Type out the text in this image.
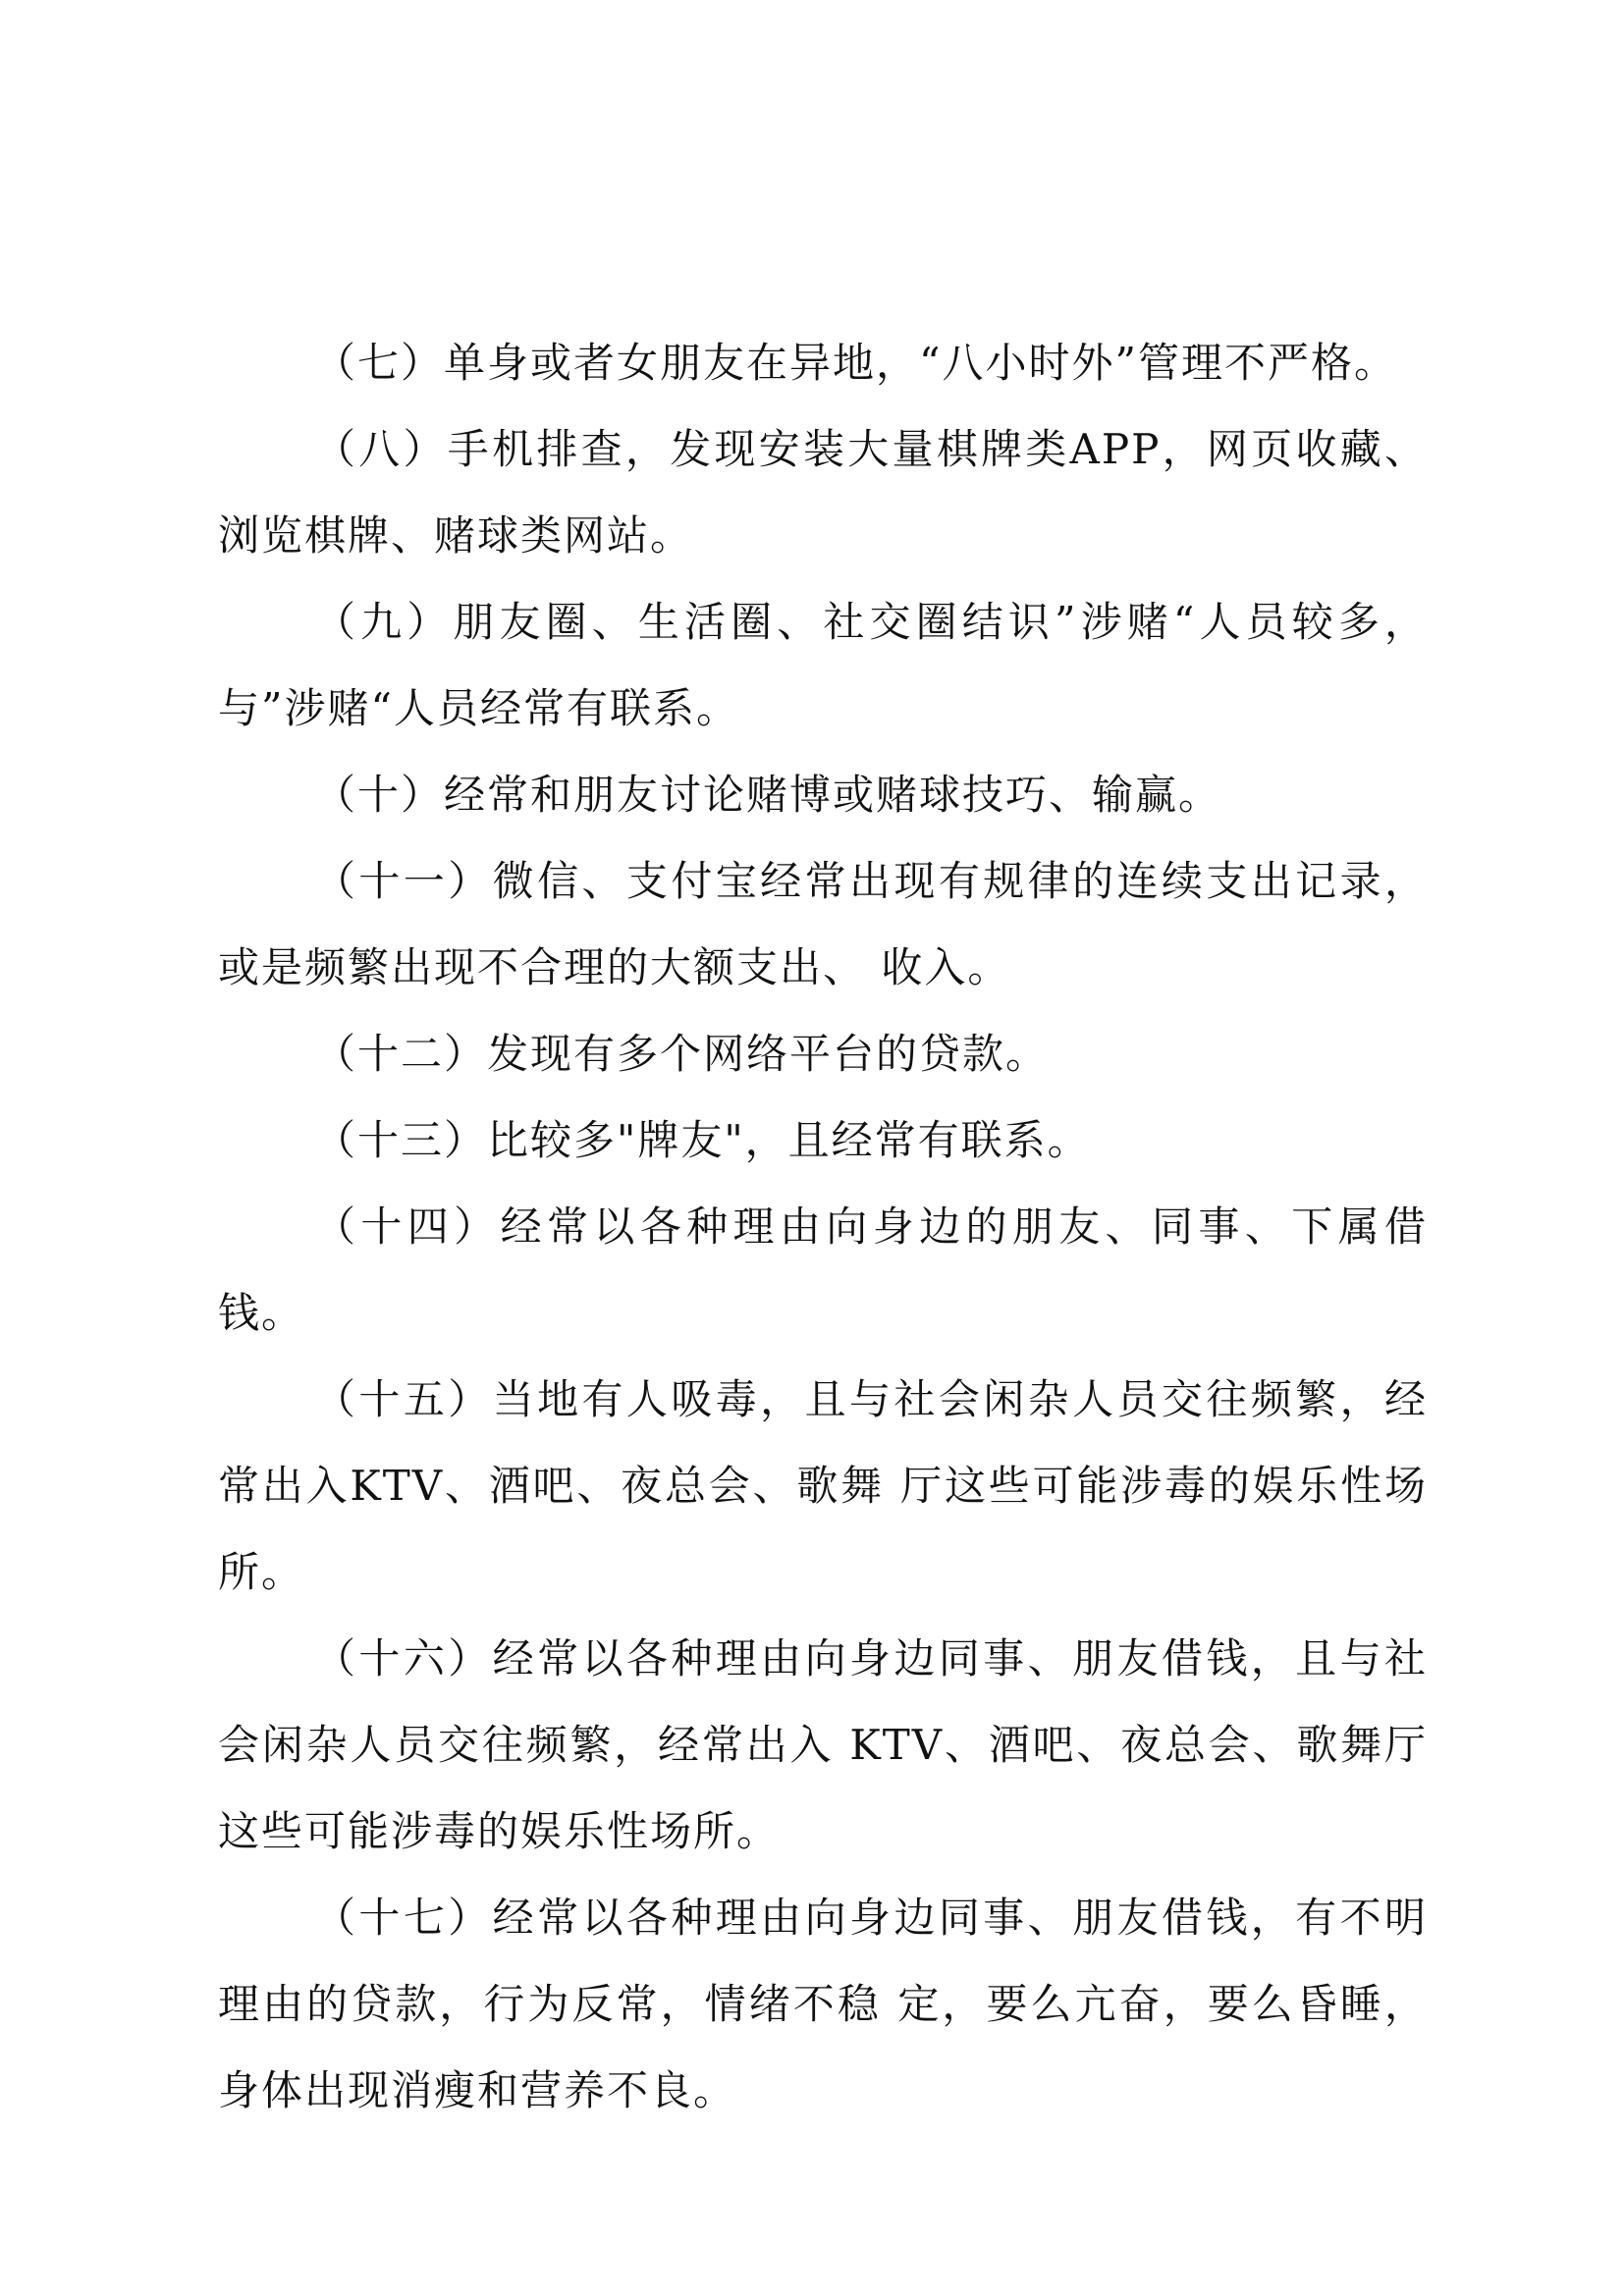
（七）单身或者女朋友在异地，“八小时外”管理不严格。

（八）手机排查，发现安装大量棋牌类APP，网页收藏、浏览棋牌、赌球类网站。

（九）朋友圈、生活圈、社交圈结识”涉赌“人员较多，与”涉赌“人员经常有联系。

（十）经常和朋友讨论赌博或赌球技巧、输赢。

（十一）微信、支付宝经常出现有规律的连续支出记录，或是频繁出现不合理的大额支出、 收入。

（十二）发现有多个网络平台的贷款。

（十三）比较多"牌友"，且经常有联系。

（十四）经常以各种理由向身边的朋友、同事、下属借钱。

（十五）当地有人吸毒，且与社会闲杂人员交往频繁，经常出入KTV、酒吧、夜总会、歌舞 厅这些可能涉毒的娱乐性场所。

（十六）经常以各种理由向身边同事、朋友借钱，且与社会闲杂人员交往频繁，经常出入 KTV、酒吧、夜总会、歌舞厅这些可能涉毒的娱乐性场所。

（十七）经常以各种理由向身边同事、朋友借钱，有不明理由的贷款，行为反常，情绪不稳 定，要么亢奋，要么昏睡，身体出现消瘦和营养不良。
